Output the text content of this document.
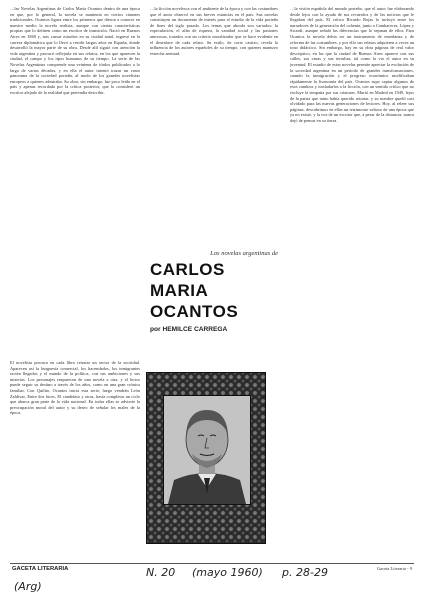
…las Novelas Argentinas de Carlos María Ocantos dentro de una época en que, por lo general, la novela se mantenía en ciertos cánones tradicionales. Ocantos figura entre los primeros que dieron a conocer en nuestro medio la novela realista, aunque con ciertas características propias que lo definen como un escritor de transición. Nació en Buenos Aires en 1860 y, tras cursar estudios en su ciudad natal, ingresó en la carrera diplomática que lo llevó a residir largos años en España, donde desarrolló la mayor parte de su obra. Desde allí siguió con atención la vida argentina y procuró reflejarla en sus relatos, en los que aparecen la ciudad, el campo y los tipos humanos de su tiempo. La serie de las Novelas Argentinas comprende una veintena de títulos publicados a lo largo de varias décadas, y en ella el autor intentó trazar un vasto panorama de la sociedad porteña, al modo de los grandes novelistas europeos a quienes admiraba. Su obra, sin embargo, fue poco leída en el país y apenas recordada por la crítica posterior, que lo consideró un escritor alejado de la realidad que pretendía describir.

…la ficción novelesca con el ambiente de la época y con las costumbres que el autor observó en sus breves estancias en el país. Sus novelas constituyen un documento de interés para el estudio de la vida porteña de fines del siglo pasado. Los temas que aborda son variados: la especulación, el afán de riqueza, la vanidad social y las pasiones amorosas, tratados con un criterio moralizador que se hace evidente en el desenlace de cada relato. Su estilo, de corte castizo, revela la influencia de los autores españoles de su tiempo, con quienes mantuvo estrecha amistad.

…la visión española del mundo porteño, que el autor fue elaborando desde lejos con la ayuda de sus recuerdos y de las noticias que le llegaban del país. El crítico Ricardo Rojas lo incluyó entre los narradores de la generación del ochenta, junto a Cambaceres, López y Sicardi, aunque señaló las diferencias que lo separan de ellos. Para Ocantos la novela debía ser un instrumento de enseñanza y de reforma de las costumbres, y por ello sus relatos adquieren a veces un tono didáctico. Sin embargo, hay en su obra páginas de real valor descriptivo, en las que la ciudad de Buenos Aires aparece con sus calles, sus casas y sus tertulias, tal como la vio el autor en su juventud. El estudio de estas novelas permite apreciar la evolución de la sociedad argentina en un período de grandes transformaciones, cuando la inmigración y el progreso económico modificaban rápidamente la fisonomía del país. Ocantos supo captar algunos de esos cambios y trasladarlos a la ficción, con un sentido crítico que no excluye la simpatía por sus criaturas. Murió en Madrid en 1949, lejos de la patria que tanto había querido retratar, y su nombre quedó casi olvidado para las nuevas generaciones de lectores. Hoy, al releer sus páginas, descubrimos en ellas un testimonio valioso de una época que ya no existe, y la voz de un escritor que, a pesar de la distancia, nunca dejó de pensar en su tierra.

El novelista procura en cada libro retratar un sector de la sociedad. Aparecen así la burguesía comercial, los hacendados, los inmigrantes recién llegados y el mundo de la política, con sus ambiciones y sus miserias. Los personajes reaparecen de una novela a otra, y el lector puede seguir su destino a través de los años, como en una gran crónica familiar. Con Quilito, Ocantos inicia esta serie; luego vendrán León Zaldívar, Entre dos luces, El candidato y otras, hasta completar un ciclo que abarca gran parte de la vida nacional. En todas ellas se advierte la preocupación moral del autor y su deseo de señalar los males de la época.

Los novelas argentinas de
CARLOS MARIA
OCANTOS
por HEMILCE CARREGA
GACETA LITERARIA	Gaceta Literaria - 9
N. 20 (mayo 1960) p. 28-29
(Arg)
